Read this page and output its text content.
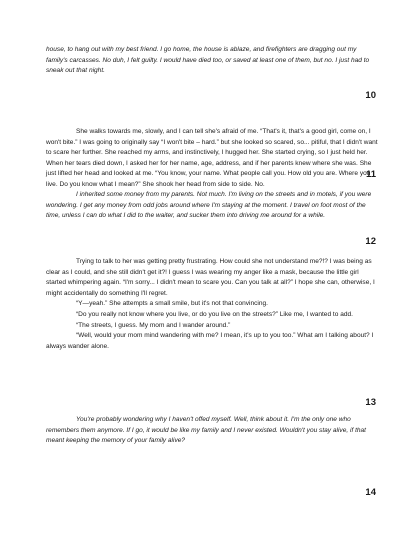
house, to hang out with my best friend. I go home, the house is ablaze, and firefighters are dragging out my family's carcasses. No duh, I felt guilty. I would have died too, or saved at least one of them, but no. I just had to sneak out that night.
10
She walks towards me, slowly, and I can tell she's afraid of me. “That's it, that's a good girl, come on, I won't bite.” I was going to originally say “I won't bite – hard.” but she looked so scared, so... pitiful, that I didn't want to scare her further. She reached my arms, and instinctively, I hugged her. She started crying, so I just held her. When her tears died down, I asked her for her name, age, address, and if her parents knew where she was. She just lifted her head and looked at me. “You know, your name. What people call you. How old you are. Where you live. Do you know what I mean?” She shook her head from side to side. No.
11
I inherited some money from my parents. Not much. I'm living on the streets and in motels, if you were wondering. I get any money from odd jobs around where I'm staying at the moment. I travel on foot most of the time, unless I can do what I did to the waiter, and sucker them into driving me around for a while.
12
Trying to talk to her was getting pretty frustrating. How could she not understand me?!? I was being as clear as I could, and she still didn't get it?! I guess I was wearing my anger like a mask, because the little girl started whimpering again. “I'm sorry... I didn't mean to scare you. Can you talk at all?” I hope she can, otherwise, I might accidentally do something I'll regret.
“Y—yeah.” She attempts a small smile, but it's not that convincing.
“Do you really not know where you live, or do you live on the streets?” Like me, I wanted to add.
“The streets, I guess. My mom and I wander around.”
“Well, would your mom mind wandering with me? I mean, it's up to you too.” What am I talking about? I always wander alone.
13
You're probably wondering why I haven't offed myself. Well, think about it. I'm the only one who remembers them anymore. If I go, it would be like my family and I never existed. Wouldn't you stay alive, if that meant keeping the memory of your family alive?
14
